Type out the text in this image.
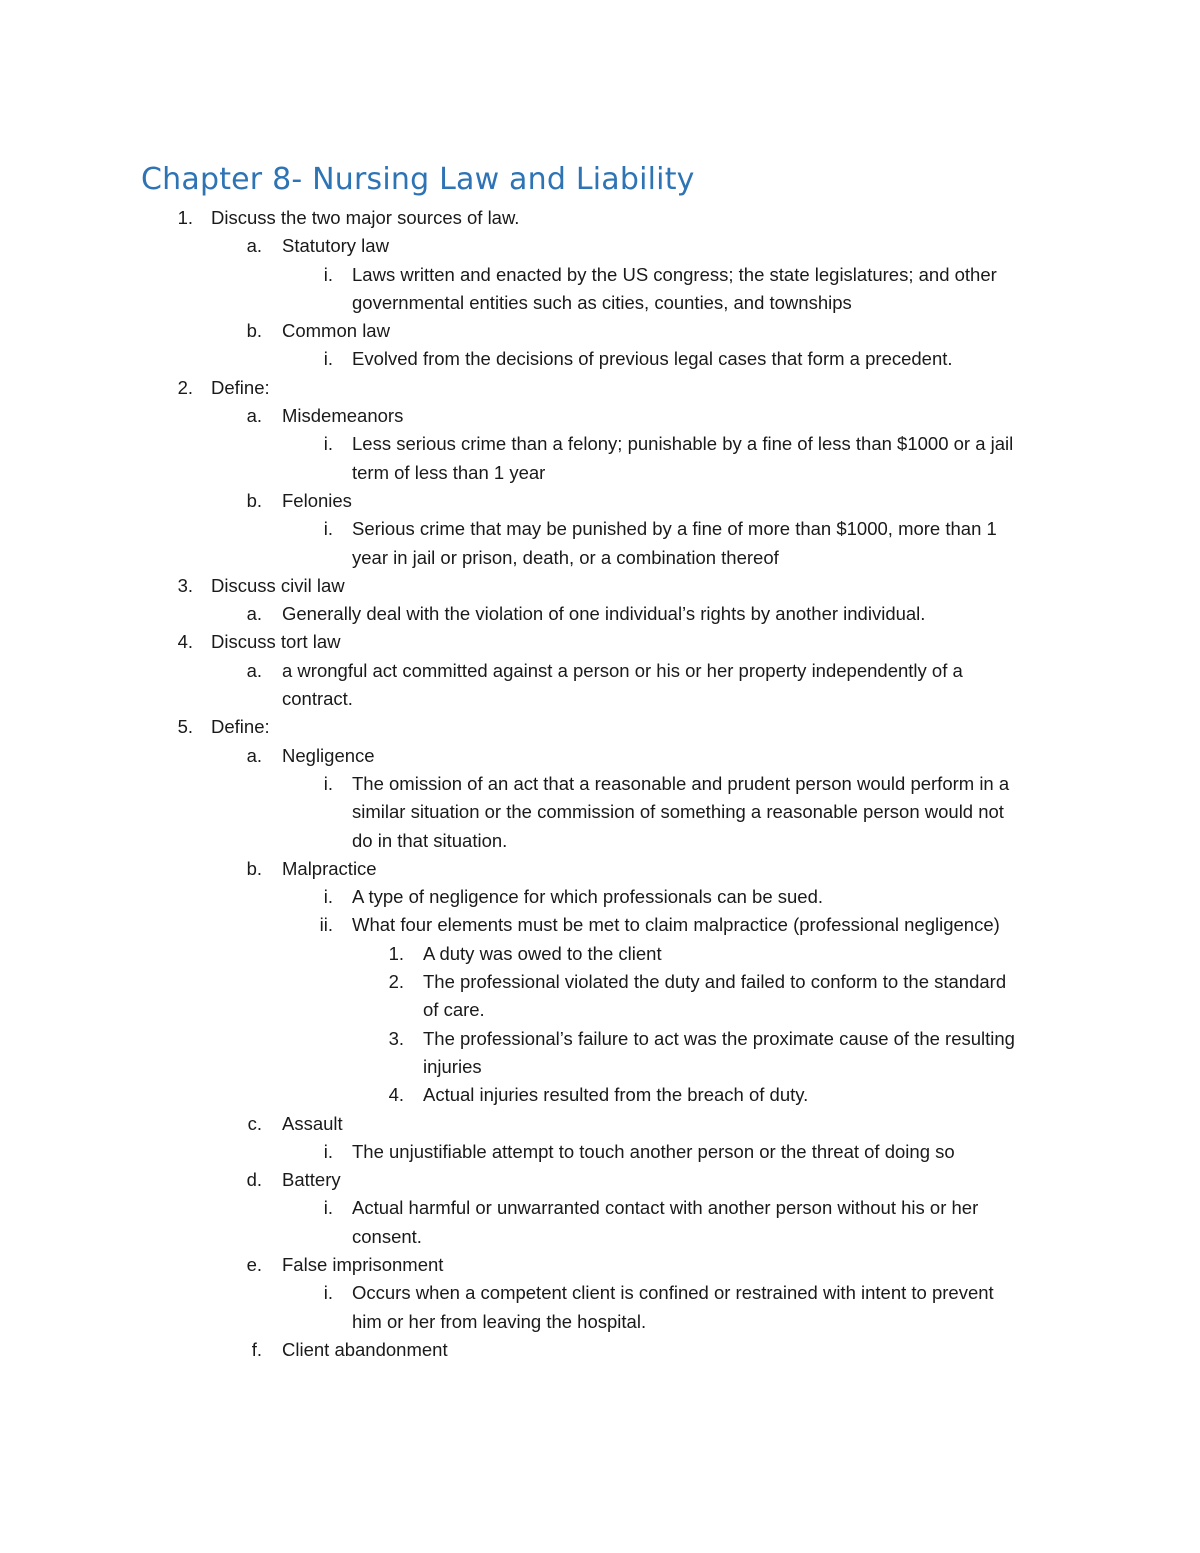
Chapter 8- Nursing Law and Liability
1. Discuss the two major sources of law.
a. Statutory law
i. Laws written and enacted by the US congress; the state legislatures; and other
governmental entities such as cities, counties, and townships
b. Common law
i. Evolved from the decisions of previous legal cases that form a precedent.
2. Define:
a. Misdemeanors
i. Less serious crime than a felony; punishable by a fine of less than $1000 or a jail
term of less than 1 year
b. Felonies
i. Serious crime that may be punished by a fine of more than $1000, more than 1
year in jail or prison, death, or a combination thereof
3. Discuss civil law
a. Generally deal with the violation of one individual’s rights by another individual.
4. Discuss tort law
a. a wrongful act committed against a person or his or her property independently of a
contract.
5. Define:
a. Negligence
i. The omission of an act that a reasonable and prudent person would perform in a
similar situation or the commission of something a reasonable person would not
do in that situation.
b. Malpractice
i. A type of negligence for which professionals can be sued.
ii. What four elements must be met to claim malpractice (professional negligence)
1. A duty was owed to the client
2. The professional violated the duty and failed to conform to the standard
of care.
3. The professional’s failure to act was the proximate cause of the resulting
injuries
4. Actual injuries resulted from the breach of duty.
c. Assault
i. The unjustifiable attempt to touch another person or the threat of doing so
d. Battery
i. Actual harmful or unwarranted contact with another person without his or her
consent.
e. False imprisonment
i. Occurs when a competent client is confined or restrained with intent to prevent
him or her from leaving the hospital.
f. Client abandonment
